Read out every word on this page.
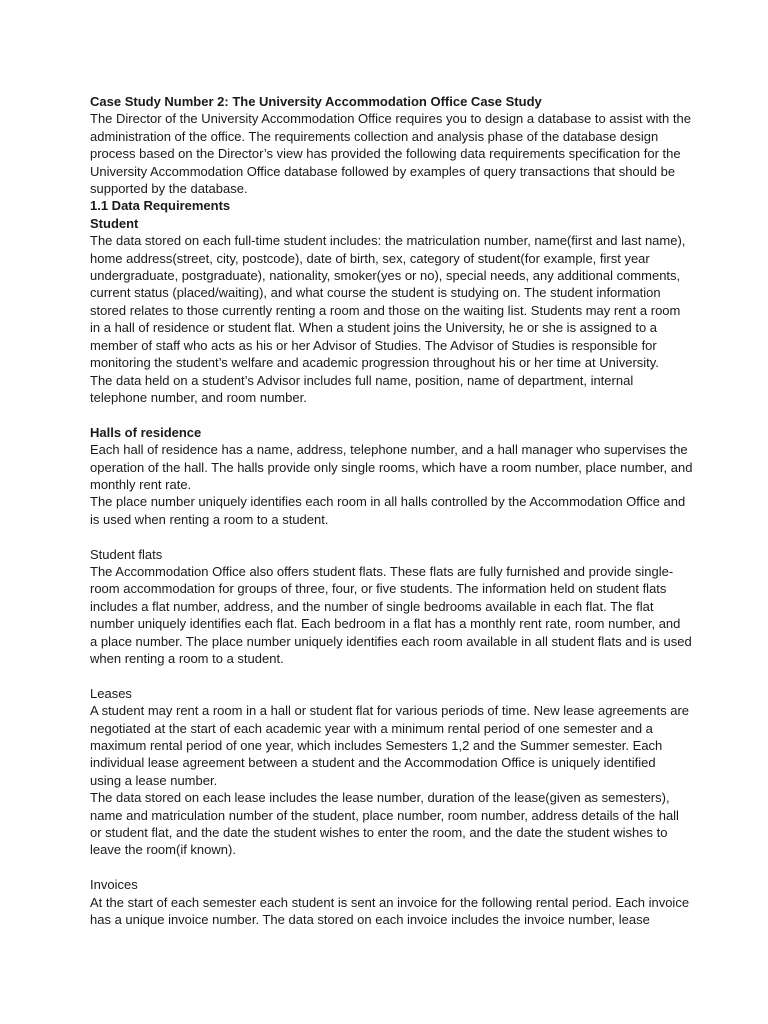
Case Study Number 2: The University Accommodation Office Case Study
The Director of the University Accommodation Office requires you to design a database to assist with the
administration of the office. The requirements collection and analysis phase of the database design
process based on the Director’s view has provided the following data requirements specification for the
University Accommodation Office database followed by examples of query transactions that should be
supported by the database.
1.1 Data Requirements
Student
The data stored on each full-time student includes: the matriculation number, name(first and last name),
home address(street, city, postcode), date of birth, sex, category of student(for example, first year
undergraduate, postgraduate), nationality, smoker(yes or no), special needs, any additional comments,
current status (placed/waiting), and what course the student is studying on. The student information
stored relates to those currently renting a room and those on the waiting list. Students may rent a room
in a hall of residence or student flat. When a student joins the University, he or she is assigned to a
member of staff who acts as his or her Advisor of Studies. The Advisor of Studies is responsible for
monitoring the student’s welfare and academic progression throughout his or her time at University.
The data held on a student’s Advisor includes full name, position, name of department, internal
telephone number, and room number.
Halls of residence
Each hall of residence has a name, address, telephone number, and a hall manager who supervises the
operation of the hall. The halls provide only single rooms, which have a room number, place number, and
monthly rent rate.
The place number uniquely identifies each room in all halls controlled by the Accommodation Office and
is used when renting a room to a student.
Student flats
The Accommodation Office also offers student flats. These flats are fully furnished and provide single-
room accommodation for groups of three, four, or five students. The information held on student flats
includes a flat number, address, and the number of single bedrooms available in each flat. The flat
number uniquely identifies each flat. Each bedroom in a flat has a monthly rent rate, room number, and
a place number. The place number uniquely identifies each room available in all student flats and is used
when renting a room to a student.
Leases
A student may rent a room in a hall or student flat for various periods of time. New lease agreements are
negotiated at the start of each academic year with a minimum rental period of one semester and a
maximum rental period of one year, which includes Semesters 1,2 and the Summer semester. Each
individual lease agreement between a student and the Accommodation Office is uniquely identified
using a lease number.
The data stored on each lease includes the lease number, duration of the lease(given as semesters),
name and matriculation number of the student, place number, room number, address details of the hall
or student flat, and the date the student wishes to enter the room, and the date the student wishes to
leave the room(if known).
Invoices
At the start of each semester each student is sent an invoice for the following rental period. Each invoice
has a unique invoice number. The data stored on each invoice includes the invoice number, lease
